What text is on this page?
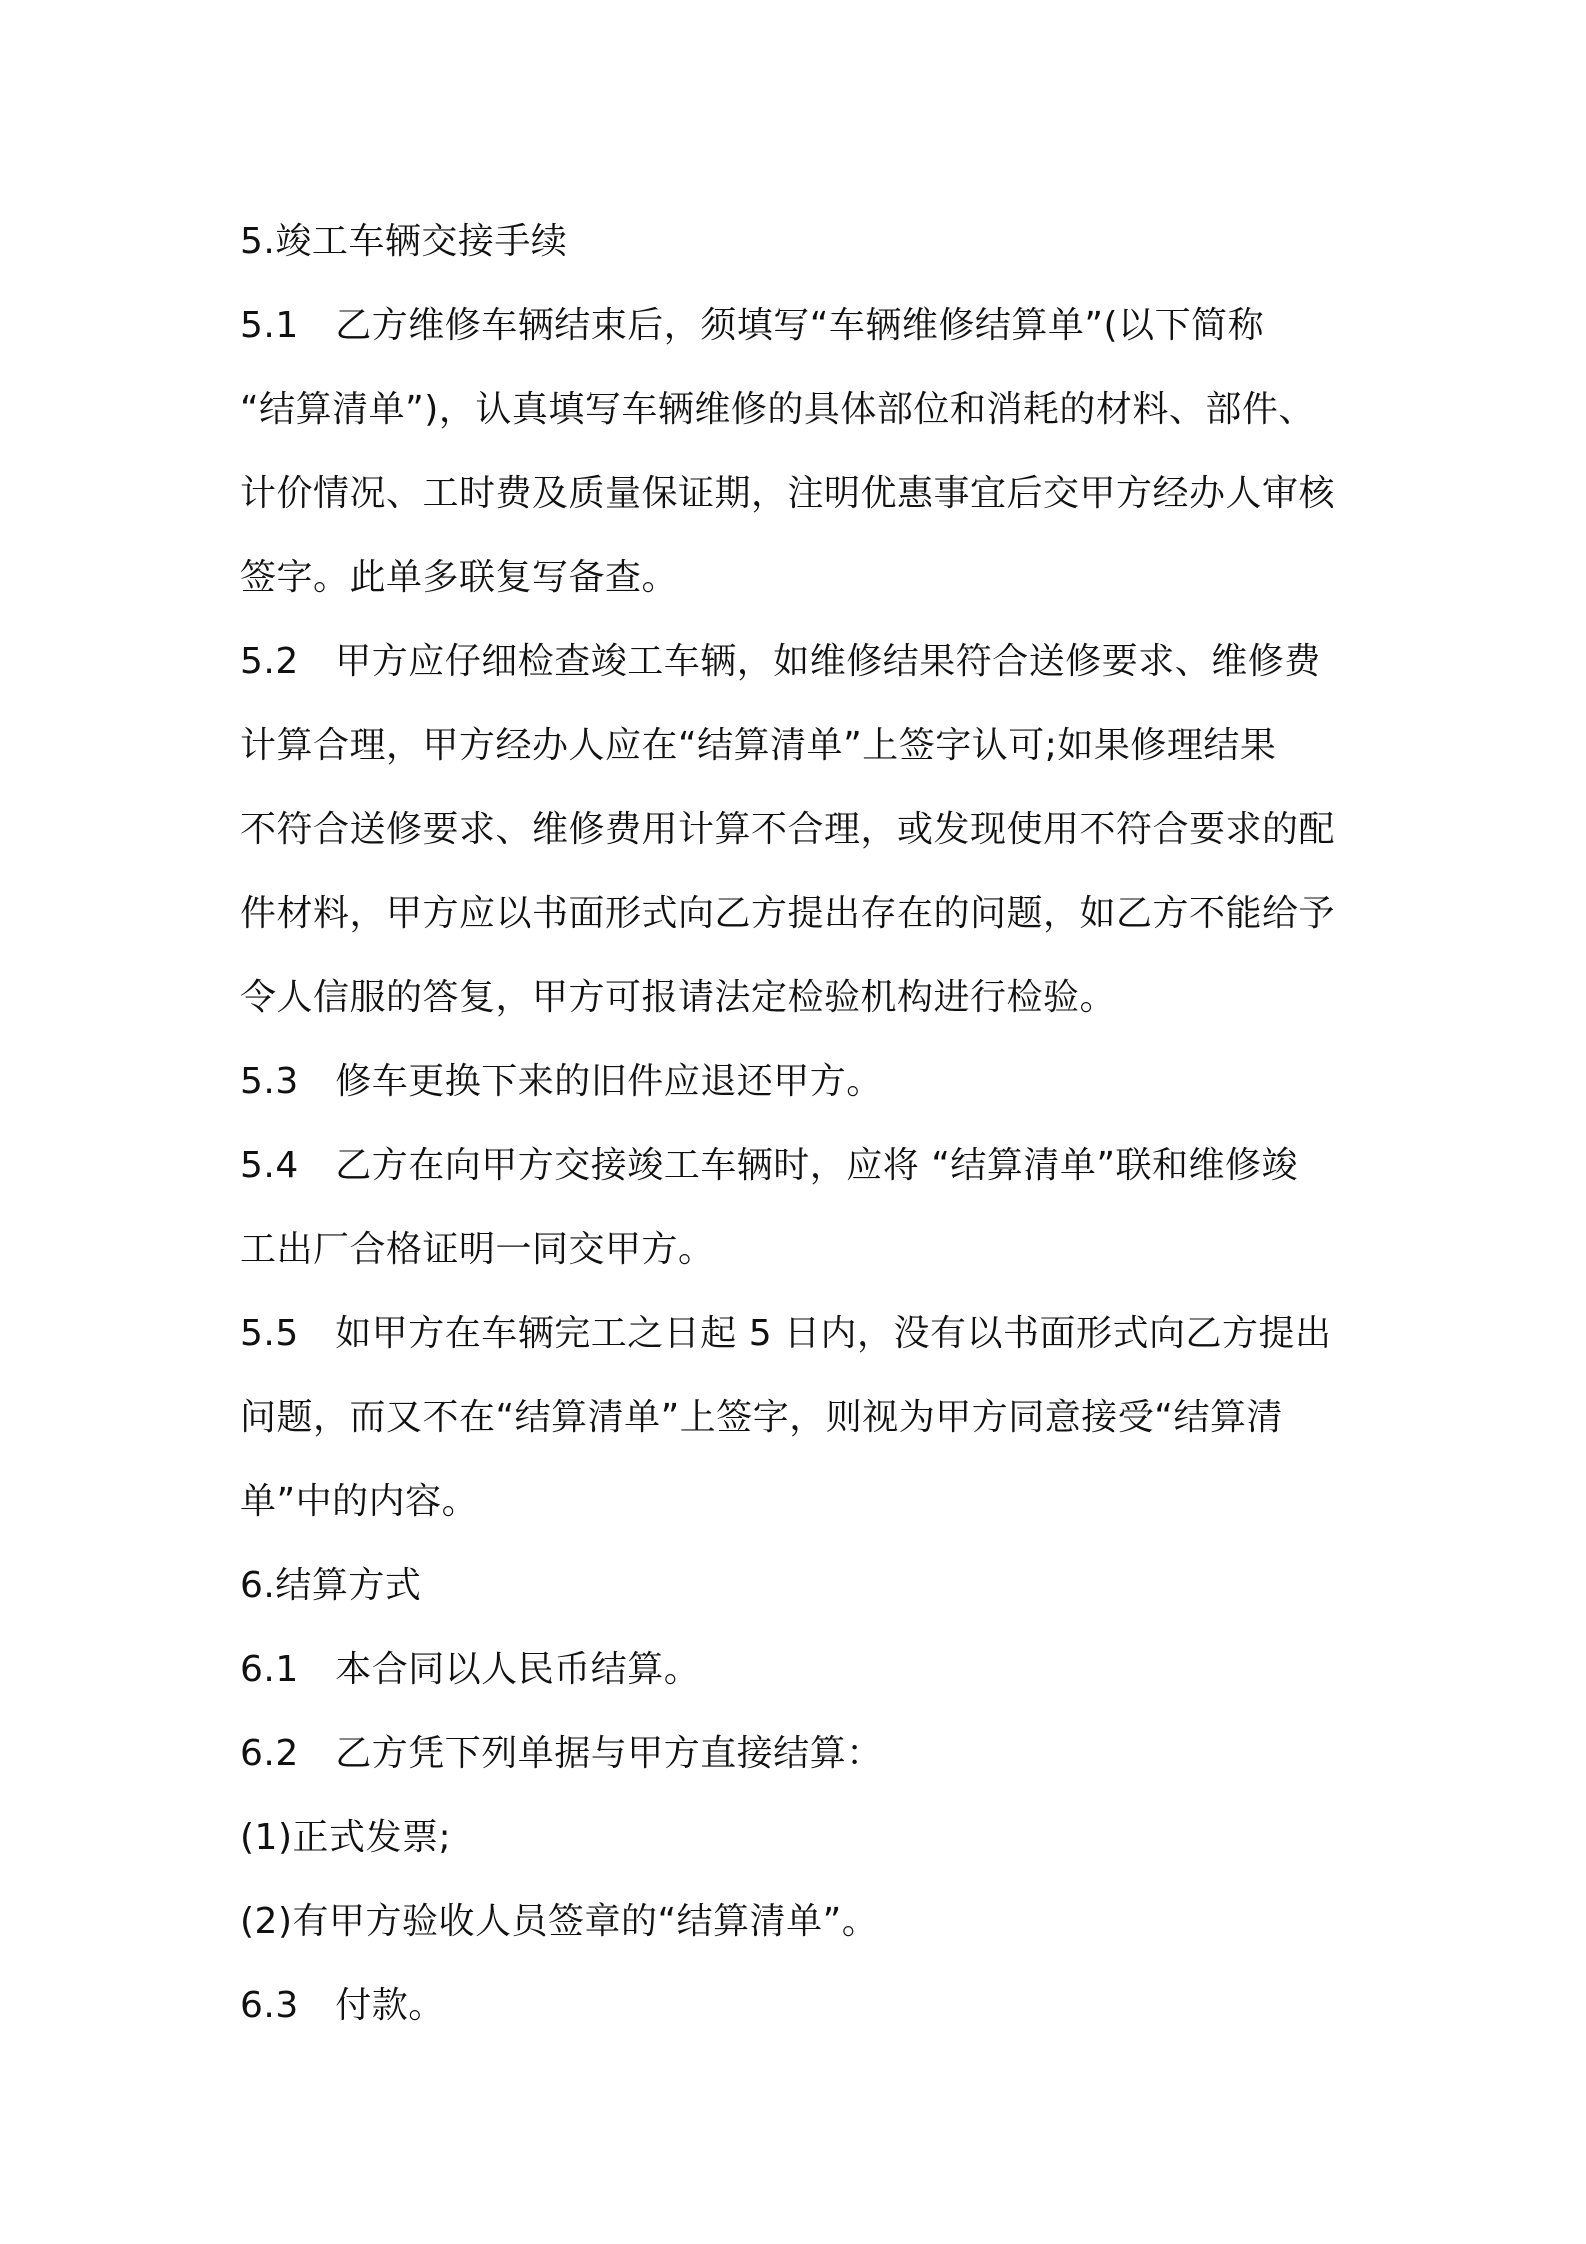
5.竣工车辆交接手续
5.1　乙方维修车辆结束后，须填写“车辆维修结算单”(以下简称
“结算清单”)，认真填写车辆维修的具体部位和消耗的材料、部件、
计价情况、工时费及质量保证期，注明优惠事宜后交甲方经办人审核
签字。此单多联复写备查。
5.2　甲方应仔细检查竣工车辆，如维修结果符合送修要求、维修费
计算合理，甲方经办人应在“结算清单”上签字认可;如果修理结果
不符合送修要求、维修费用计算不合理，或发现使用不符合要求的配
件材料，甲方应以书面形式向乙方提出存在的问题，如乙方不能给予
令人信服的答复，甲方可报请法定检验机构进行检验。
5.3　修车更换下来的旧件应退还甲方。
5.4　乙方在向甲方交接竣工车辆时，应将 “结算清单”联和维修竣
工出厂合格证明一同交甲方。
5.5　如甲方在车辆完工之日起 5 日内，没有以书面形式向乙方提出
问题，而又不在“结算清单”上签字，则视为甲方同意接受“结算清
单”中的内容。
6.结算方式
6.1　本合同以人民币结算。
6.2　乙方凭下列单据与甲方直接结算：
(1)正式发票;
(2)有甲方验收人员签章的“结算清单”。
6.3　付款。
